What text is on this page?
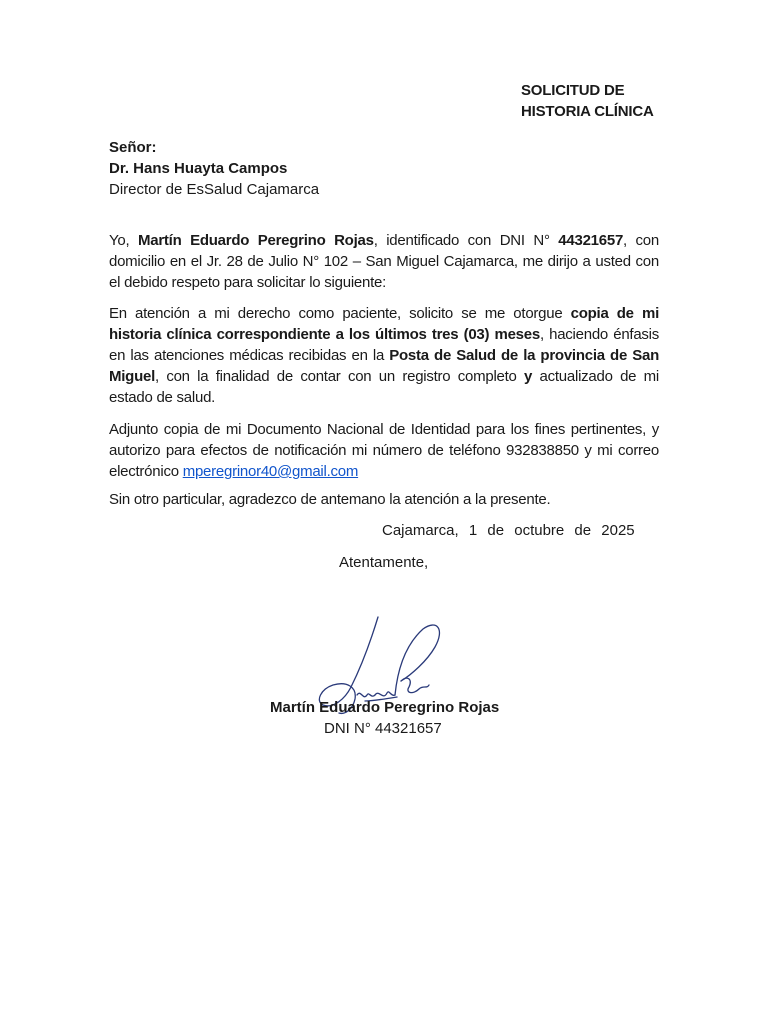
SOLICITUD DE
HISTORIA CLÍNICA
Señor:
Dr. Hans Huayta Campos
Director de EsSalud Cajamarca

Yo, Martín Eduardo Peregrino Rojas, identificado con DNI N° 44321657, con domicilio en el Jr. 28 de Julio N° 102 – San Miguel Cajamarca, me dirijo a usted con el debido respeto para solicitar lo siguiente:

En atención a mi derecho como paciente, solicito se me otorgue copia de mi historia clínica correspondiente a los últimos tres (03) meses, haciendo énfasis en las atenciones médicas recibidas en la Posta de Salud de la provincia de San Miguel, con la finalidad de contar con un registro completo y actualizado de mi estado de salud.

Adjunto copia de mi Documento Nacional de Identidad para los fines pertinentes, y autorizo para efectos de notificación mi número de teléfono 932838850 y mi correo electrónico mperegrinor40@gmail.com

Sin otro particular, agradezco de antemano la atención a la presente.

Cajamarca, 1 de octubre de 2025
Atentamente,
Martín Eduardo Peregrino Rojas
DNI N° 44321657
